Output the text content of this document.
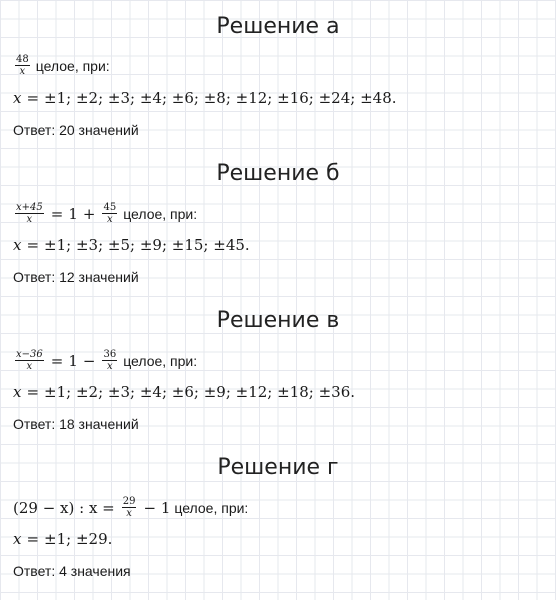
Решение а
$\frac{48}{x}$ целое, при:
x = ±1; ±2; ±3; ±4; ±6; ±8; ±12; ±16; ±24; ±48.
Ответ: 20 значений
Решение б
$\frac{x+45}{x} = 1 + \frac{45}{x}$ целое, при:
x = ±1; ±3; ±5; ±9; ±15; ±45.
Ответ: 12 значений
Решение в
$\frac{x-36}{x} = 1 - \frac{36}{x}$ целое, при:
x = ±1; ±2; ±3; ±4; ±6; ±9; ±12; ±18; ±36.
Ответ: 18 значений
Решение г
(29 − x) : $x = \frac{29}{x} - 1$ целое, при:
x = ±1; ±29.
Ответ: 4 значения
